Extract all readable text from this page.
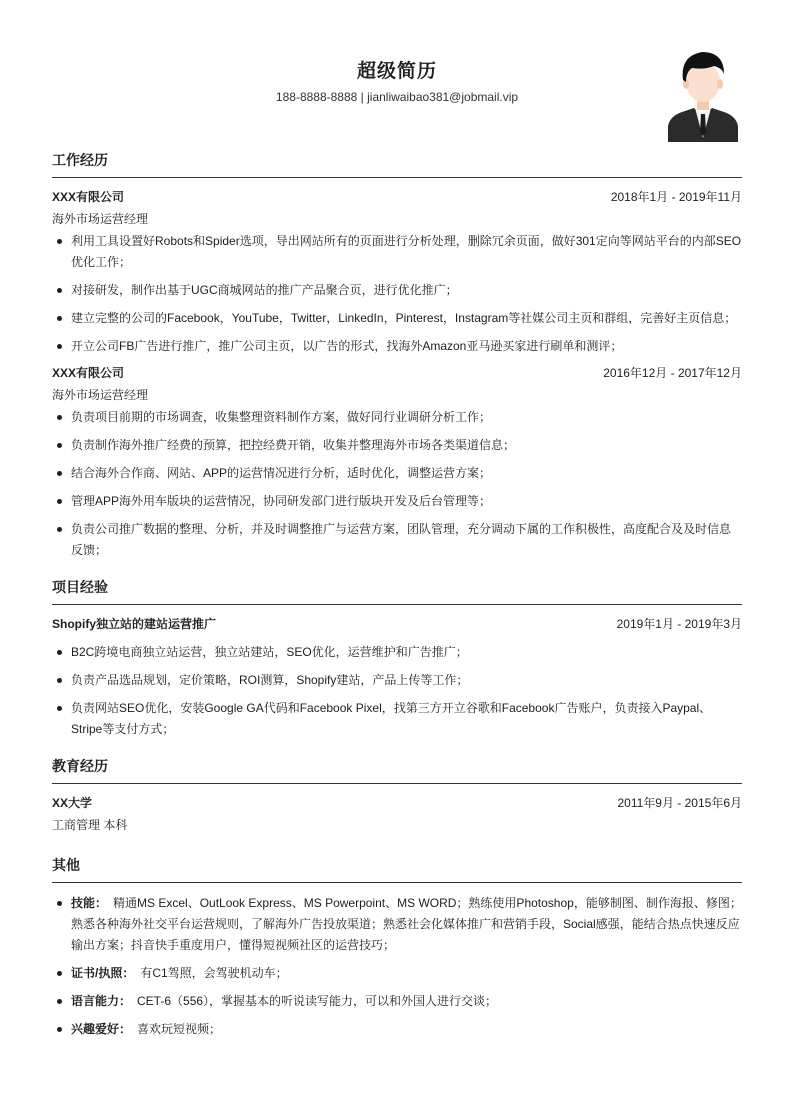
超级简历
188-8888-8888 | jianliwaibao381@jobmail.vip
工作经历
XXX有限公司	2018年1月 - 2019年11月
海外市场运营经理
利用工具设置好Robots和Spider选项，导出网站所有的页面进行分析处理，删除冗余页面，做好301定向等网站平台的内部SEO优化工作；
对接研发，制作出基于UGC商城网站的推广产品聚合页，进行优化推广；
建立完整的公司的Facebook，YouTube，Twitter，LinkedIn，Pinterest，Instagram等社媒公司主页和群组，完善好主页信息；
开立公司FB广告进行推广，推广公司主页，以广告的形式，找海外Amazon亚马逊买家进行刷单和测评；
XXX有限公司	2016年12月 - 2017年12月
海外市场运营经理
负责项目前期的市场调查，收集整理资料制作方案，做好同行业调研分析工作；
负责制作海外推广经费的预算，把控经费开销，收集并整理海外市场各类渠道信息；
结合海外合作商、网站、APP的运营情况进行分析，适时优化，调整运营方案；
管理APP海外用车版块的运营情况，协同研发部门进行版块开发及后台管理等；
负责公司推广数据的整理、分析，并及时调整推广与运营方案，团队管理，充分调动下属的工作积极性，高度配合及及时信息反馈；
项目经验
Shopify独立站的建站运营推广	2019年1月 - 2019年3月
B2C跨境电商独立站运营，独立站建站，SEO优化，运营维护和广告推广；
负责产品选品规划，定价策略，ROI测算，Shopify建站，产品上传等工作；
负责网站SEO优化，安装Google GA代码和Facebook Pixel，找第三方开立谷歌和Facebook广告账户，负责接入Paypal、Stripe等支付方式；
教育经历
XX大学	2011年9月 - 2015年6月
工商管理 本科
其他
技能： 精通MS Excel、OutLook Express、MS Powerpoint、MS WORD；熟练使用Photoshop，能够制图、制作海报、修图；熟悉各种海外社交平台运营规则，了解海外广告投放渠道；熟悉社会化媒体推广和营销手段，Social感强，能结合热点快速反应输出方案；抖音快手重度用户，懂得短视频社区的运营技巧；
证书/执照： 有C1驾照，会驾驶机动车；
语言能力： CET-6（556），掌握基本的听说读写能力，可以和外国人进行交谈；
兴趣爱好： 喜欢玩短视频；
